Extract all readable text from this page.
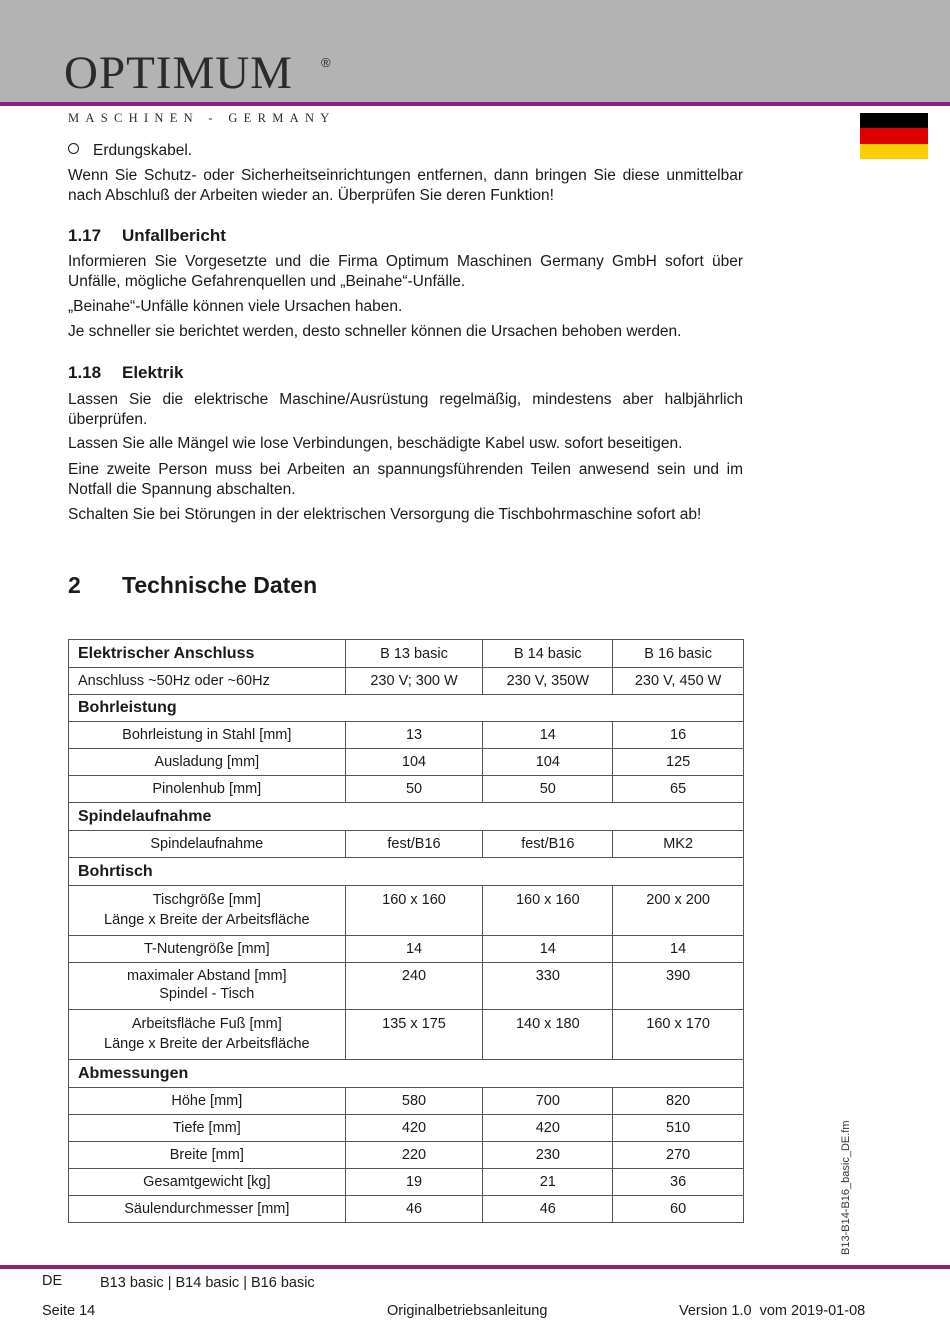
OPTIMUM ®
MASCHINEN - GERMANY
Erdungskabel.

Wenn Sie Schutz- oder Sicherheitseinrichtungen entfernen, dann bringen Sie diese unmittelbar nach Abschluß der Arbeiten wieder an. Überprüfen Sie deren Funktion!

1.17 Unfallbericht

Informieren Sie Vorgesetzte und die Firma Optimum Maschinen Germany GmbH sofort über Unfälle, mögliche Gefahrenquellen und „Beinahe“-Unfälle.

„Beinahe“-Unfälle können viele Ursachen haben.

Je schneller sie berichtet werden, desto schneller können die Ursachen behoben werden.

1.18 Elektrik

Lassen Sie die elektrische Maschine/Ausrüstung regelmäßig, mindestens aber halbjährlich überprüfen.

Lassen Sie alle Mängel wie lose Verbindungen, beschädigte Kabel usw. sofort beseitigen.

Eine zweite Person muss bei Arbeiten an spannungsführenden Teilen anwesend sein und im Notfall die Spannung abschalten.

Schalten Sie bei Störungen in der elektrischen Versorgung die Tischbohrmaschine sofort ab!

2 Technische Daten
Elektrischer Anschluss	B 13 basic	B 14 basic	B 16 basic
Anschluss ~50Hz oder ~60Hz	230 V; 300 W	230 V, 350W	230 V, 450 W
Bohrleistung			
Bohrleistung in Stahl [mm]	13	14	16
Ausladung [mm]	104	104	125
Pinolenhub [mm]	50	50	65
Spindelaufnahme			
Spindelaufnahme	fest/B16	fest/B16	MK2
Bohrtisch			

Tischgröße [mm]
Länge x Breite der Arbeitsfläche	160 x 160	160 x 160	200 x 200
T-Nutengröße [mm]	14	14	14

maximaler Abstand [mm]
Spindel - Tisch	240	330	390

Arbeitsfläche Fuß [mm]
Länge x Breite der Arbeitsfläche	135 x 175	140 x 180	160 x 170
Abmessungen			
Höhe [mm]	580	700	820
Tiefe [mm]	420	420	510
Breite [mm]	220	230	270
Gesamtgewicht [kg]	19	21	36
Säulendurchmesser [mm]	46	46	60	B13-B14-B16_basic_DE.fm
DE	B13 basic | B14 basic | B16 basic
Seite 14	Originalbetriebsanleitung	Version 1.0  vom 2019-01-08
